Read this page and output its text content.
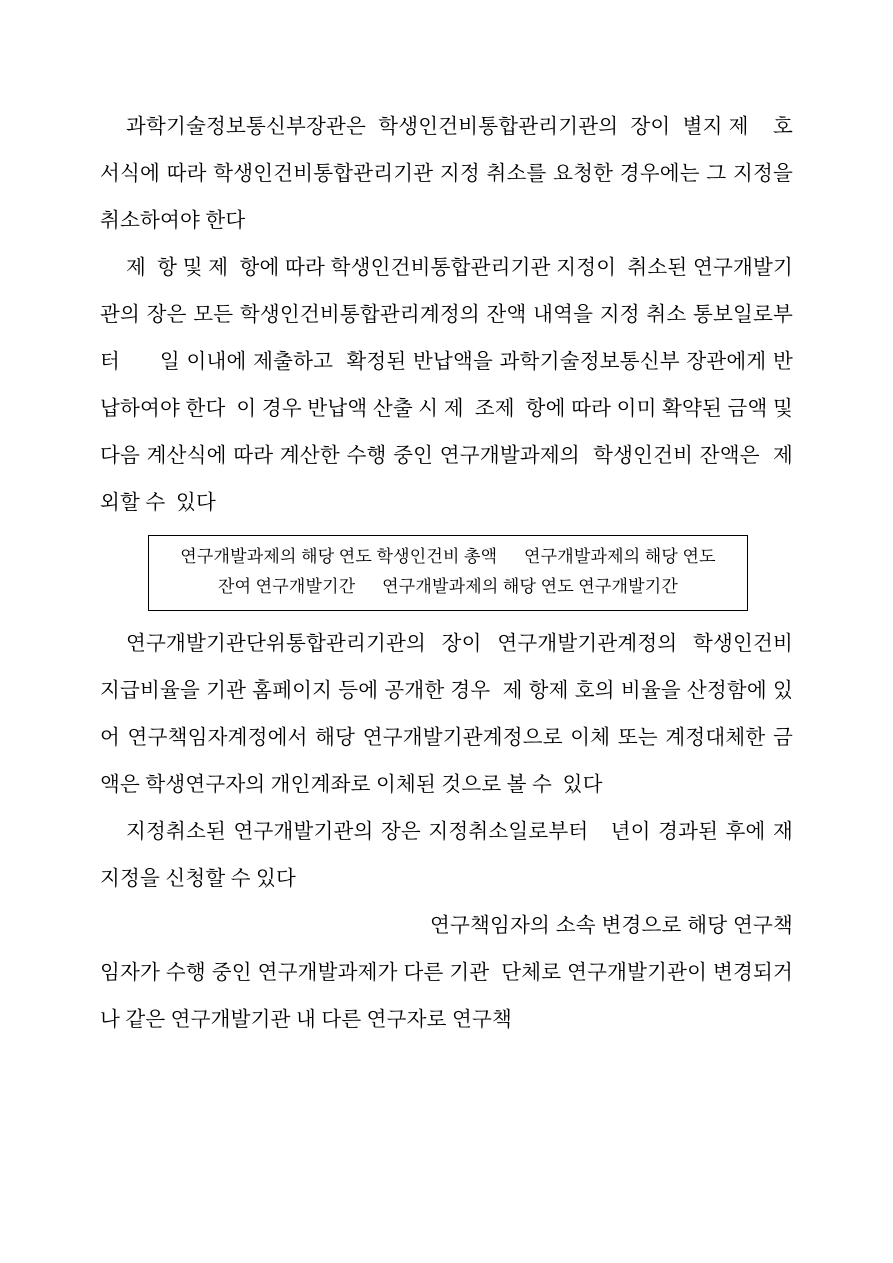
과학기술정보통신부장관은  학생인건비통합관리기관의  장이  별지 제    호 서식에 따라 학생인건비통합관리기관 지정 취소를 요청한 경우에는 그 지정을  취소하여야 한다

제  항 및 제  항에 따라 학생인건비통합관리기관 지정이  취소된 연구개발기관의 장은 모든 학생인건비통합관리계정의 잔액 내역을 지정 취소 통보일로부터      일 이내에 제출하고  확정된 반납액을 과학기술정보통신부 장관에게 반납하여야 한다  이 경우 반납액 산출 시 제  조제  항에 따라 이미 확약된 금액 및 다음 계산식에 따라 계산한 수행 중인 연구개발과제의  학생인건비 잔액은  제외할 수  있다

연구개발과제의 해당 연도 학생인건비 총액      연구개발과제의 해당 연도
잔여 연구개발기간      연구개발과제의 해당 연도 연구개발기간

연구개발기관단위통합관리기관의  장이  연구개발기관계정의  학생인건비 지급비율을 기관 홈페이지 등에 공개한 경우  제 항제 호의 비율을 산정함에 있어 연구책임자계정에서 해당 연구개발기관계정으로 이체 또는 계정대체한 금액은 학생연구자의 개인계좌로 이체된 것으로 볼 수  있다

지정취소된 연구개발기관의 장은 지정취소일로부터   년이 경과된 후에 재지정을 신청할 수 있다

연구책임자의 소속 변경으로 해당 연구책임자가 수행 중인 연구개발과제가 다른 기관  단체로 연구개발기관이 변경되거나 같은 연구개발기관 내 다른 연구자로 연구책
